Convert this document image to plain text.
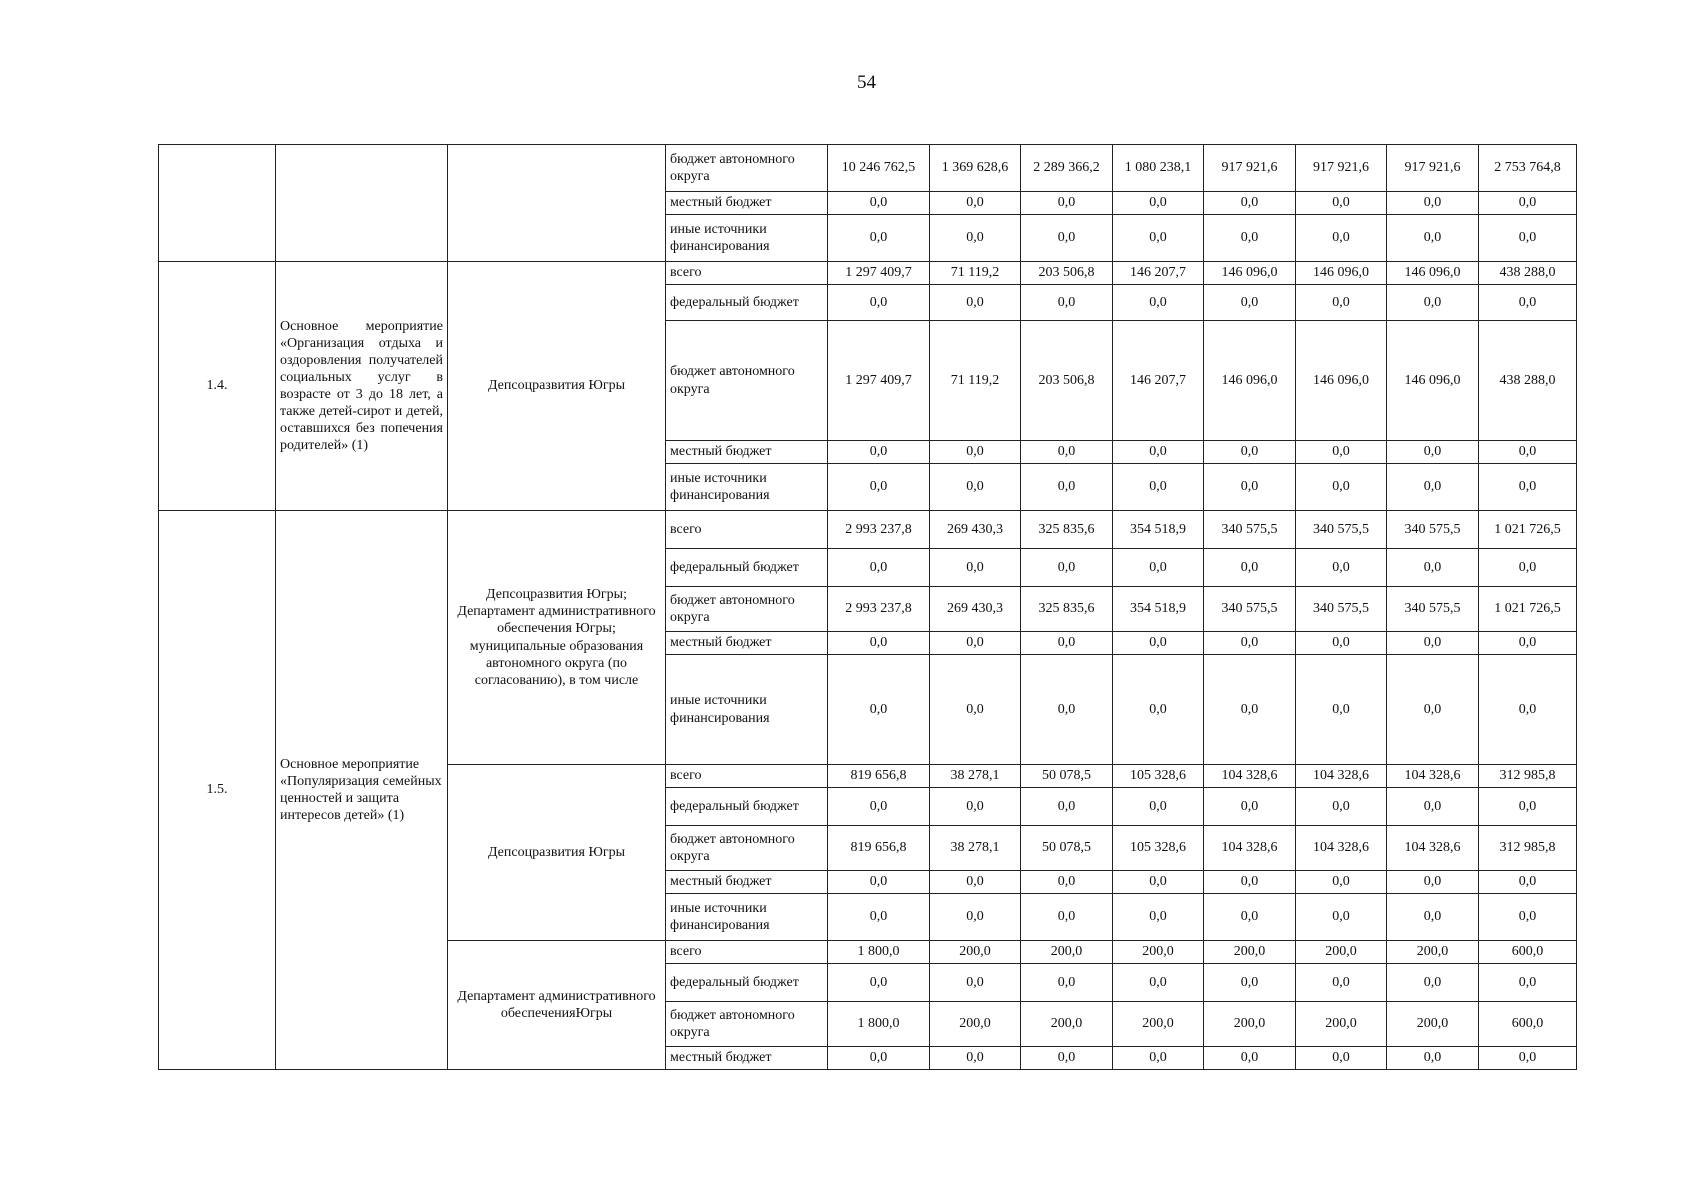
54
			бюджет автономного округа	10 246 762,5	1 369 628,6	2 289 366,2	1 080 238,1	917 921,6	917 921,6	917 921,6	2 753 764,8
			местный бюджет	0,0	0,0	0,0	0,0	0,0	0,0	0,0	0,0
			иные источники финансирования	0,0	0,0	0,0	0,0	0,0	0,0	0,0	0,0
1.4.	Основное мероприятие «Организация отдыха и оздоровления получателей социальных услуг в возрасте от 3 до 18 лет, а также детей-сирот и детей, оставшихся без попечения родителей» (1)	Депсоцразвития Югры	всего	1 297 409,7	71 119,2	203 506,8	146 207,7	146 096,0	146 096,0	146 096,0	438 288,0
			федеральный бюджет	0,0	0,0	0,0	0,0	0,0	0,0	0,0	0,0
			бюджет автономного округа	1 297 409,7	71 119,2	203 506,8	146 207,7	146 096,0	146 096,0	146 096,0	438 288,0
			местный бюджет	0,0	0,0	0,0	0,0	0,0	0,0	0,0	0,0
			иные источники финансирования	0,0	0,0	0,0	0,0	0,0	0,0	0,0	0,0
1.5.	Основное мероприятие «Популяризация семейных ценностей и защита интересов детей» (1)	Депсоцразвития Югры; Департамент административного обеспечения Югры; муниципальные образования автономного округа (по согласованию), в том числе	всего	2 993 237,8	269 430,3	325 835,6	354 518,9	340 575,5	340 575,5	340 575,5	1 021 726,5
			федеральный бюджет	0,0	0,0	0,0	0,0	0,0	0,0	0,0	0,0
			бюджет автономного округа	2 993 237,8	269 430,3	325 835,6	354 518,9	340 575,5	340 575,5	340 575,5	1 021 726,5
			местный бюджет	0,0	0,0	0,0	0,0	0,0	0,0	0,0	0,0
			иные источники финансирования	0,0	0,0	0,0	0,0	0,0	0,0	0,0	0,0
		Депсоцразвития Югры	всего	819 656,8	38 278,1	50 078,5	105 328,6	104 328,6	104 328,6	104 328,6	312 985,8
			федеральный бюджет	0,0	0,0	0,0	0,0	0,0	0,0	0,0	0,0
			бюджет автономного округа	819 656,8	38 278,1	50 078,5	105 328,6	104 328,6	104 328,6	104 328,6	312 985,8
			местный бюджет	0,0	0,0	0,0	0,0	0,0	0,0	0,0	0,0
			иные источники финансирования	0,0	0,0	0,0	0,0	0,0	0,0	0,0	0,0
		Департамент административного обеспеченияЮгры	всего	1 800,0	200,0	200,0	200,0	200,0	200,0	200,0	600,0
			федеральный бюджет	0,0	0,0	0,0	0,0	0,0	0,0	0,0	0,0
			бюджет автономного округа	1 800,0	200,0	200,0	200,0	200,0	200,0	200,0	600,0
			местный бюджет	0,0	0,0	0,0	0,0	0,0	0,0	0,0	0,0
